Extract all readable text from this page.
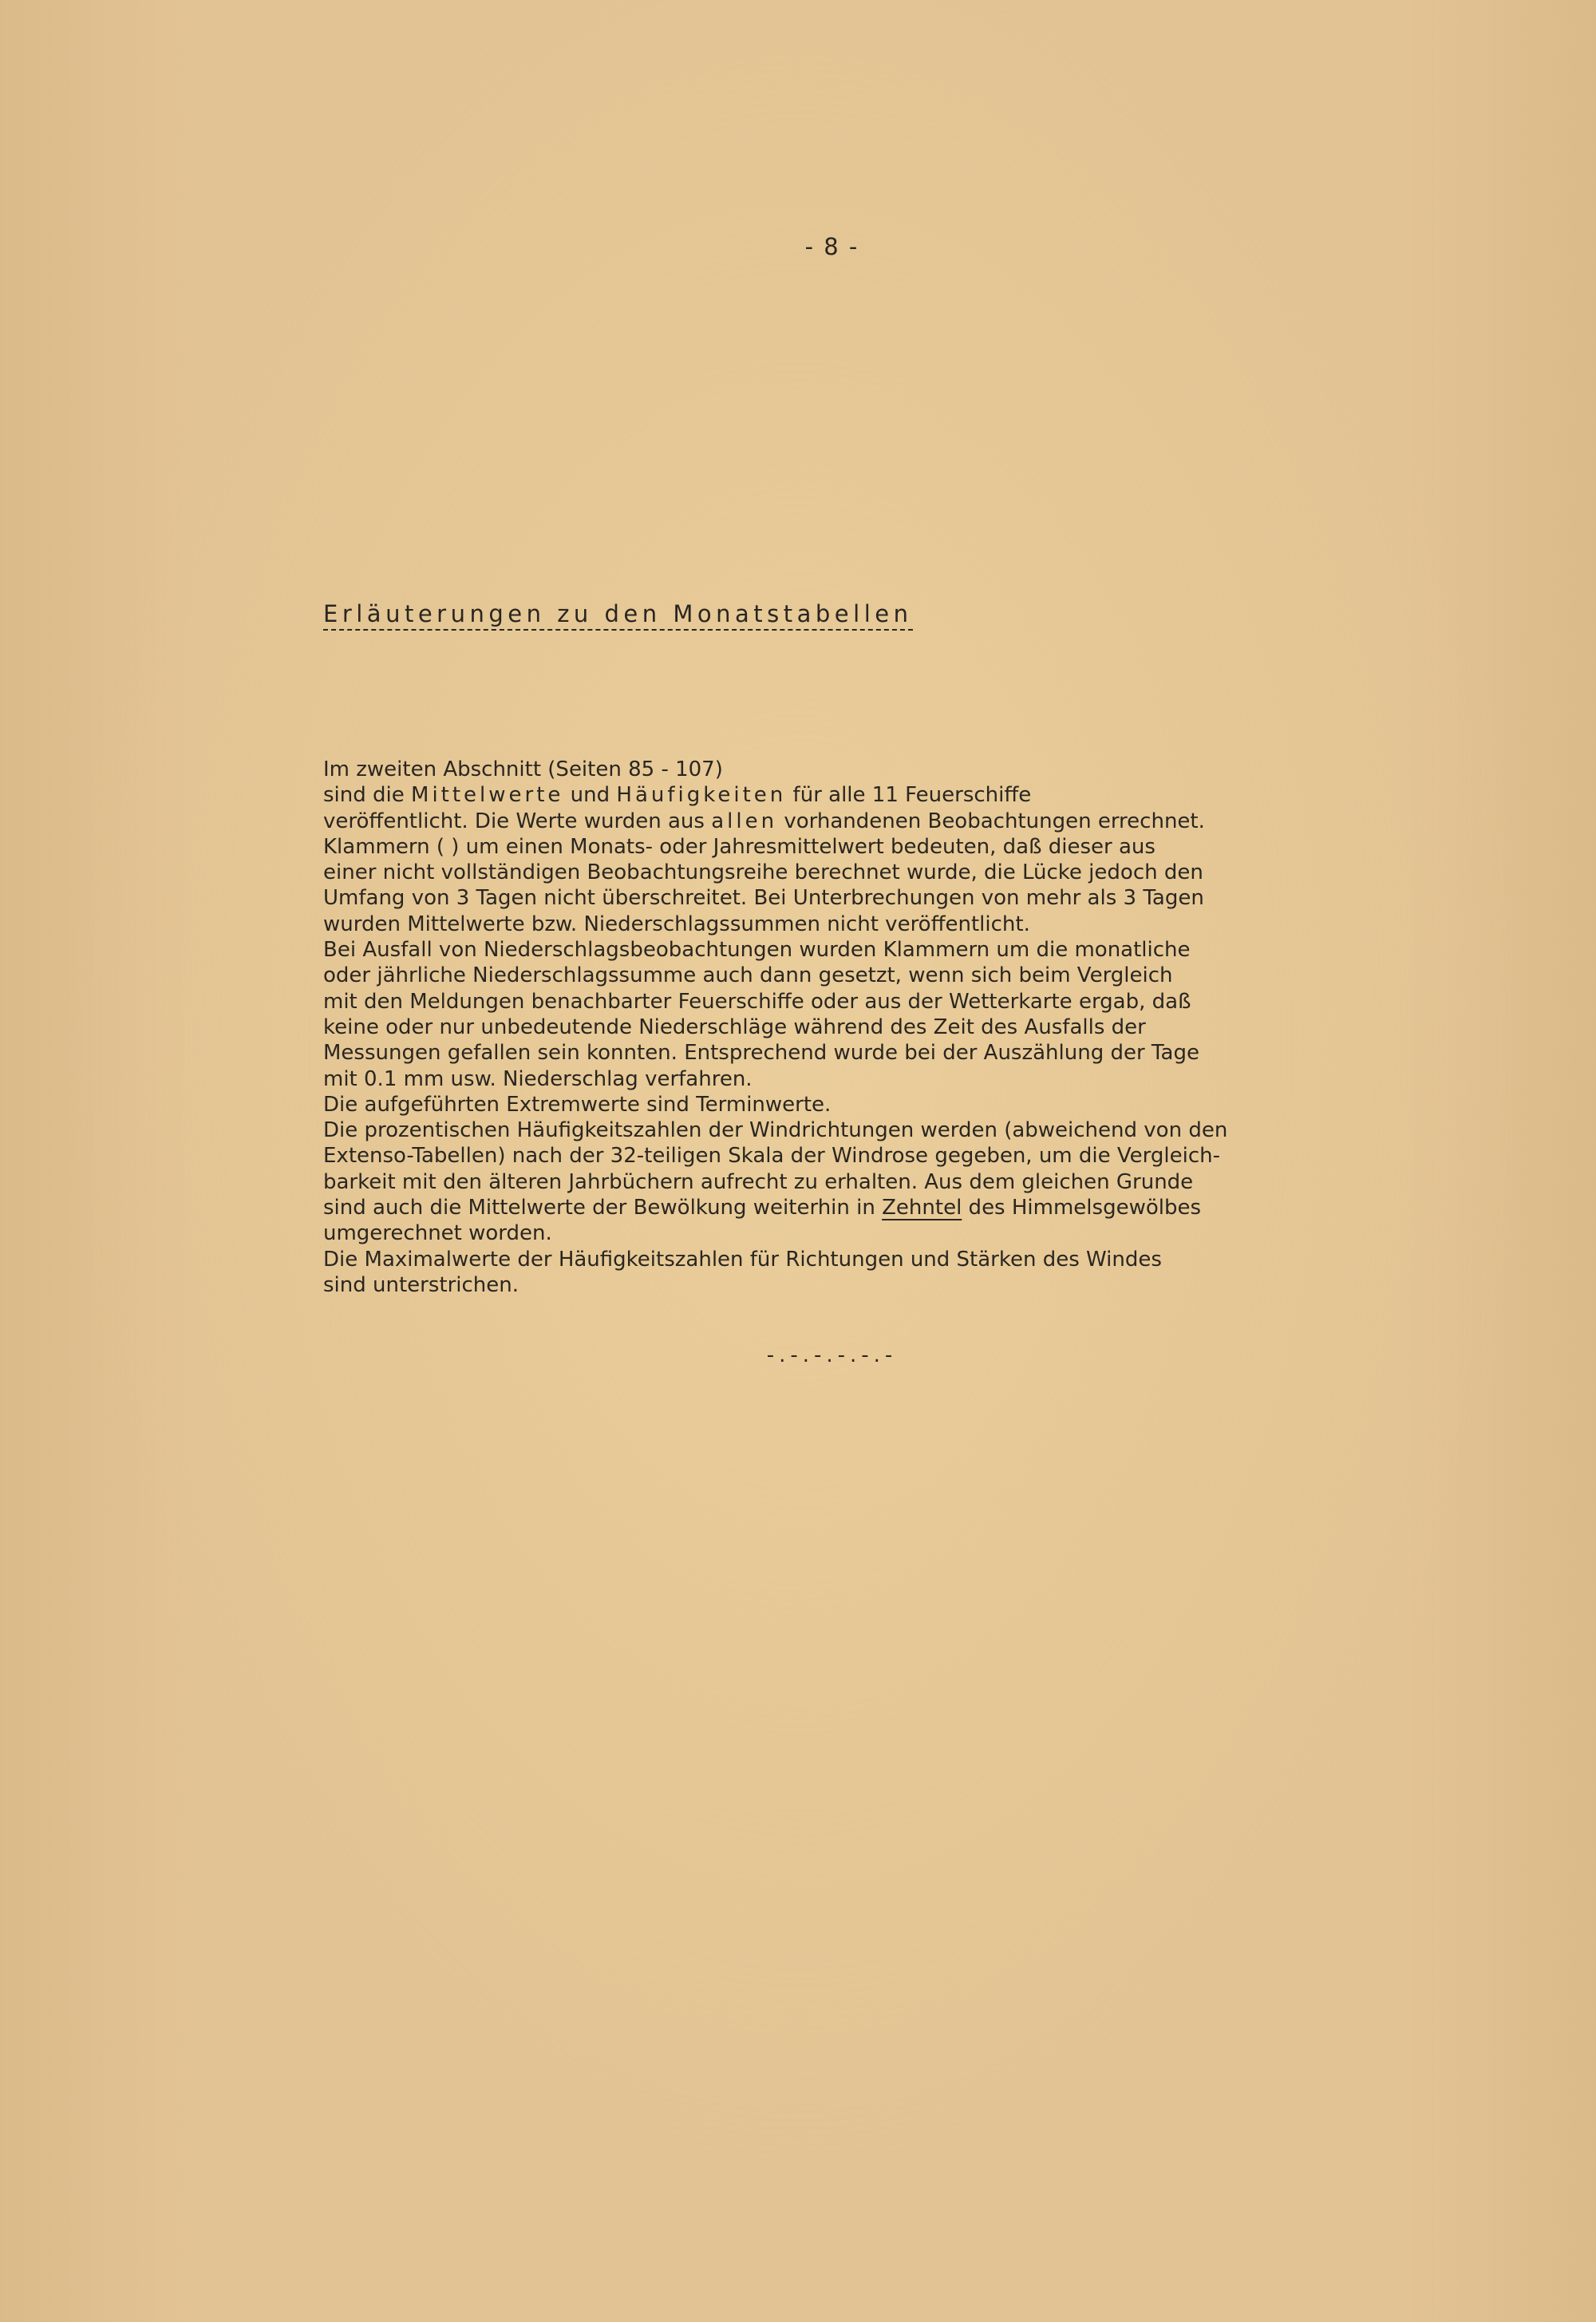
- 8 -
Erläuterungen zu den Monatstabellen
Im zweiten Abschnitt (Seiten 85 - 107)
sind die Mittelwerte und Häufigkeiten für alle 11 Feuerschiffe
veröffentlicht. Die Werte wurden aus allen vorhandenen Beobachtungen errechnet.
Klammern ( ) um einen Monats- oder Jahresmittelwert bedeuten, daß dieser aus
einer nicht vollständigen Beobachtungsreihe berechnet wurde, die Lücke jedoch den
Umfang von 3 Tagen nicht überschreitet. Bei Unterbrechungen von mehr als 3 Tagen
wurden Mittelwerte bzw. Niederschlagssummen nicht veröffentlicht.
Bei Ausfall von Niederschlagsbeobachtungen wurden Klammern um die monatliche
oder jährliche Niederschlagssumme auch dann gesetzt, wenn sich beim Vergleich
mit den Meldungen benachbarter Feuerschiffe oder aus der Wetterkarte ergab, daß
keine oder nur unbedeutende Niederschläge während des Zeit des Ausfalls der
Messungen gefallen sein konnten. Entsprechend wurde bei der Auszählung der Tage
mit 0.1 mm usw. Niederschlag verfahren.
Die aufgeführten Extremwerte sind Terminwerte.
Die prozentischen Häufigkeitszahlen der Windrichtungen werden (abweichend von den
Extenso-Tabellen) nach der 32-teiligen Skala der Windrose gegeben, um die Vergleich-
barkeit mit den älteren Jahrbüchern aufrecht zu erhalten. Aus dem gleichen Grunde
sind auch die Mittelwerte der Bewölkung weiterhin in Zehntel des Himmelsgewölbes
umgerechnet worden.
Die Maximalwerte der Häufigkeitszahlen für Richtungen und Stärken des Windes
sind unterstrichen.
-.-.-.-.-.-
